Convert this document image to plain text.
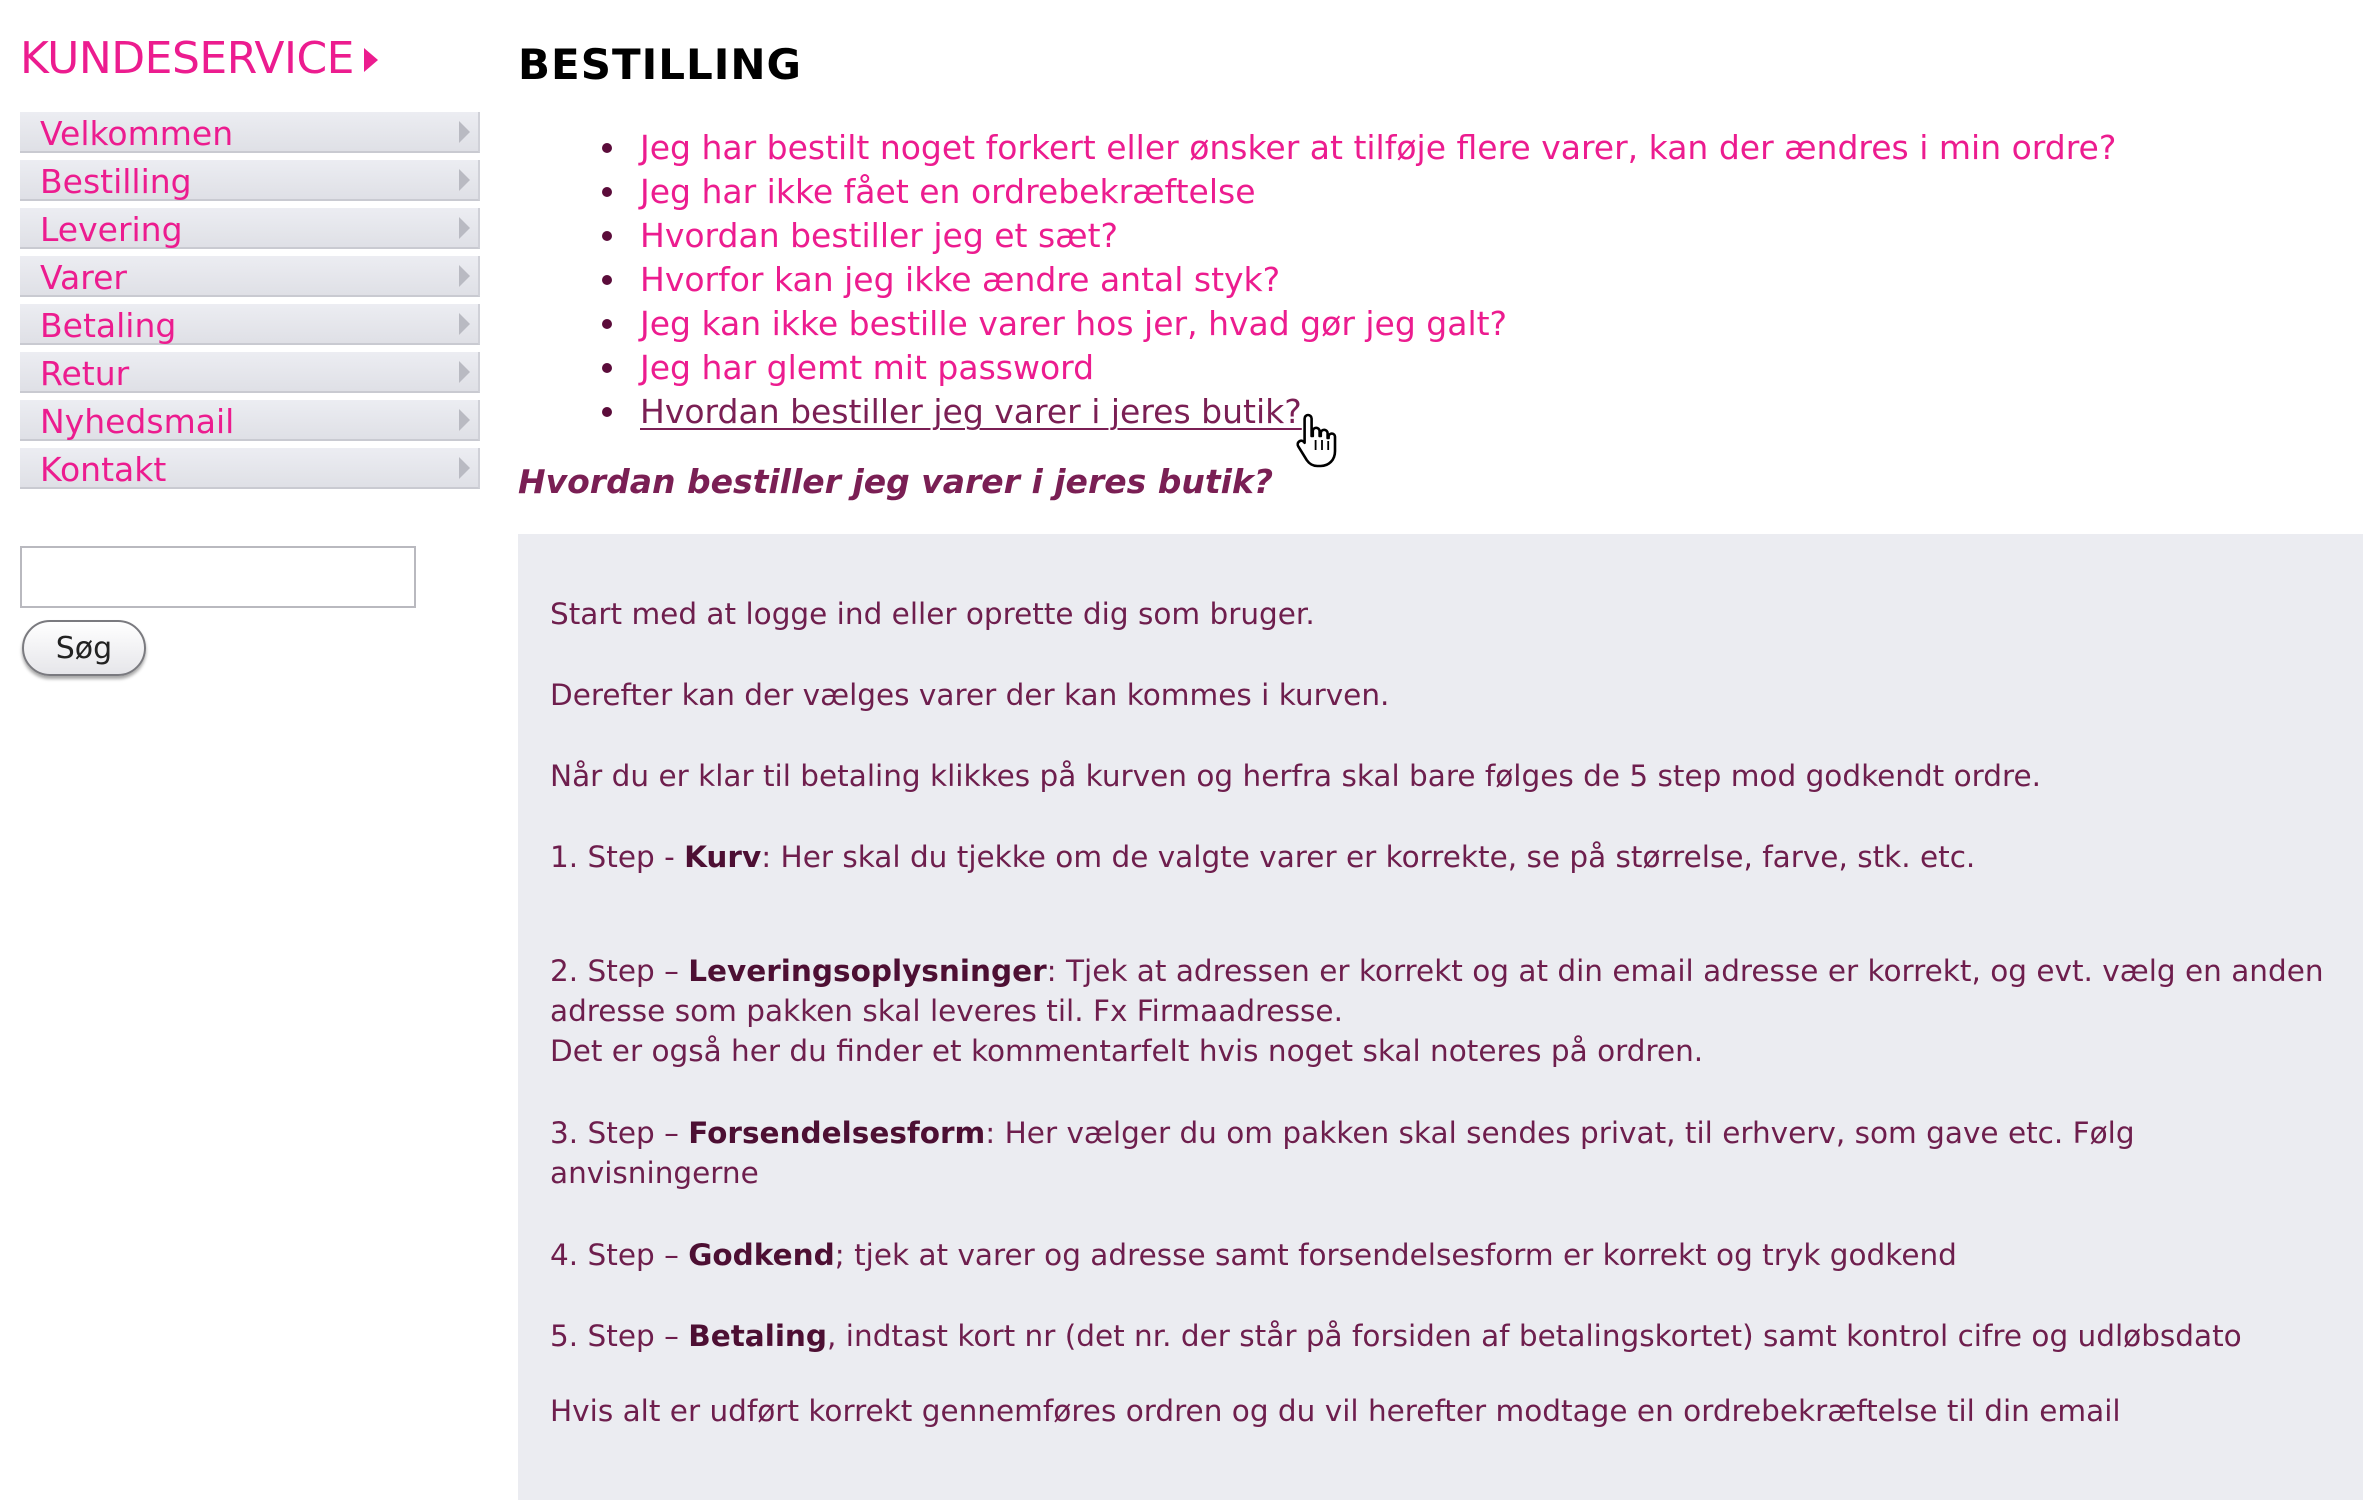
KUNDESERVICE
Velkommen
Bestilling
Levering
Varer
Betaling
Retur
Nyhedsmail
Kontakt
Søg
BESTILLING
Jeg har bestilt noget forkert eller ønsker at tilføje flere varer, kan der ændres i min ordre?
Jeg har ikke fået en ordrebekræftelse
Hvordan bestiller jeg et sæt?
Hvorfor kan jeg ikke ændre antal styk?
Jeg kan ikke bestille varer hos jer, hvad gør jeg galt?
Jeg har glemt mit password
Hvordan bestiller jeg varer i jeres butik?
Hvordan bestiller jeg varer i jeres butik?

Start med at logge ind eller oprette dig som bruger.

Derefter kan der vælges varer der kan kommes i kurven.

Når du er klar til betaling klikkes på kurven og herfra skal bare følges de 5 step mod godkendt ordre.

1. Step - Kurv: Her skal du tjekke om de valgte varer er korrekte, se på størrelse, farve, stk. etc.

2. Step – Leveringsoplysninger: Tjek at adressen er korrekt og at din email adresse er korrekt, og evt. vælg en anden adresse som pakken skal leveres til. Fx Firmaadresse.
Det er også her du finder et kommentarfelt hvis noget skal noteres på ordren.

3. Step – Forsendelsesform: Her vælger du om pakken skal sendes privat, til erhverv, som gave etc. Følg anvisningerne

4. Step – Godkend; tjek at varer og adresse samt forsendelsesform er korrekt og tryk godkend

5. Step – Betaling, indtast kort nr (det nr. der står på forsiden af betalingskortet) samt kontrol cifre og udløbsdato

Hvis alt er udført korrekt gennemføres ordren og du vil herefter modtage en ordrebekræftelse til din email
